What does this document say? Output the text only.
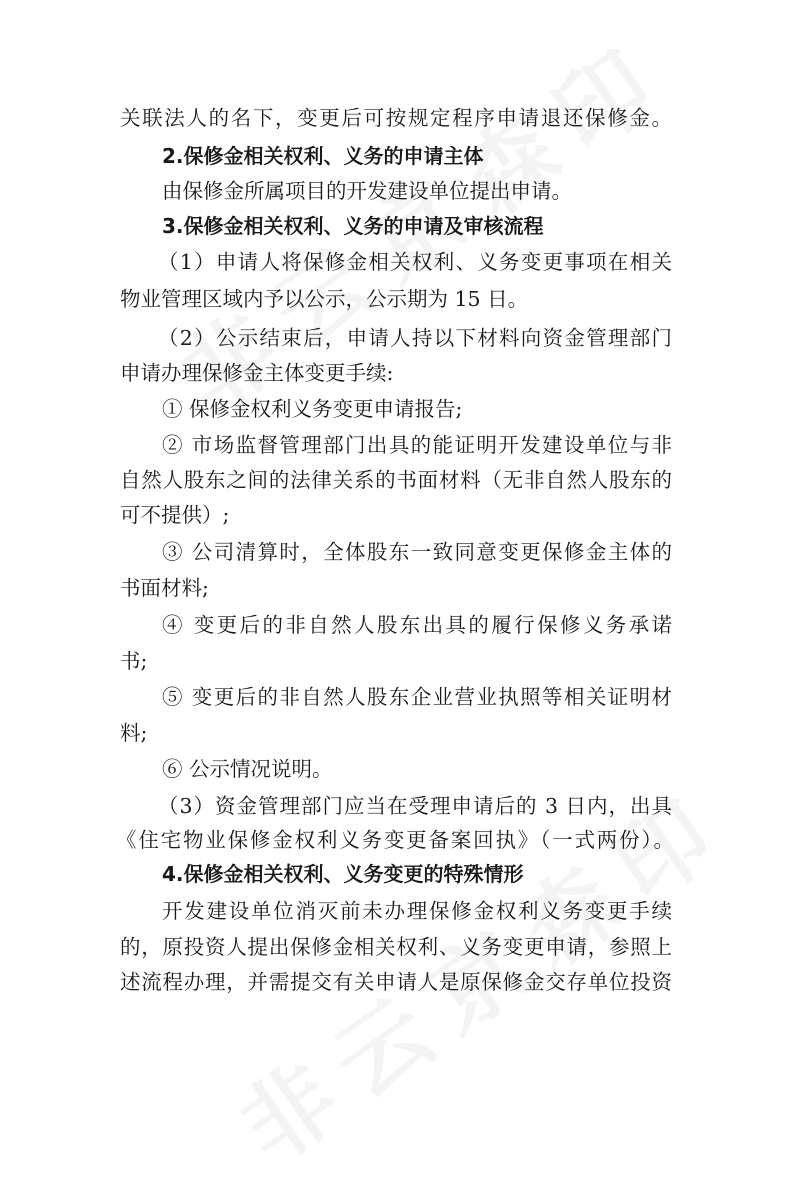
关联法人的名下，变更后可按规定程序申请退还保修金。
2.保修金相关权利、义务的申请主体
由保修金所属项目的开发建设单位提出申请。
3.保修金相关权利、义务的申请及审核流程
（1）申请人将保修金相关权利、义务变更事项在相关
物业管理区域内予以公示，公示期为 15 日。
（2）公示结束后，申请人持以下材料向资金管理部门
申请办理保修金主体变更手续:
① 保修金权利义务变更申请报告;
② 市场监督管理部门出具的能证明开发建设单位与非
自然人股东之间的法律关系的书面材料（无非自然人股东的
可不提供）;
③ 公司清算时，全体股东一致同意变更保修金主体的
书面材料;
④ 变更后的非自然人股东出具的履行保修义务承诺
书;
⑤ 变更后的非自然人股东企业营业执照等相关证明材
料;
⑥ 公示情况说明。
（3）资金管理部门应当在受理申请后的 3 日内，出具
《住宅物业保修金权利义务变更备案回执》（一式两份）。
4.保修金相关权利、义务变更的特殊情形
开发建设单位消灭前未办理保修金权利义务变更手续
的，原投资人提出保修金相关权利、义务变更申请，参照上
述流程办理，并需提交有关申请人是原保修金交存单位投资
